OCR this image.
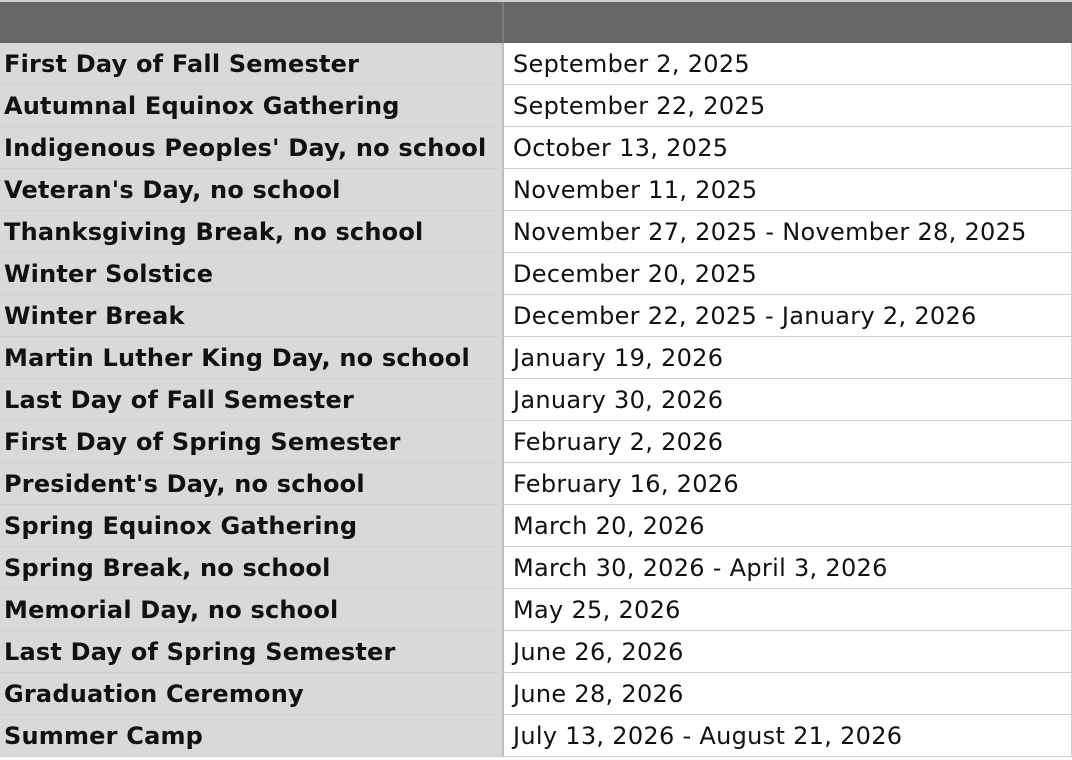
First Day of Fall Semester	September 2, 2025
Autumnal Equinox Gathering	September 22, 2025
Indigenous Peoples' Day, no school	October 13, 2025
Veteran's Day, no school	November 11, 2025
Thanksgiving Break, no school	November 27, 2025 - November 28, 2025
Winter Solstice	December 20, 2025
Winter Break	December 22, 2025 - January 2, 2026
Martin Luther King Day, no school	January 19, 2026
Last Day of Fall Semester	January 30, 2026
First Day of Spring Semester	February 2, 2026
President's Day, no school	February 16, 2026
Spring Equinox Gathering	March 20, 2026
Spring Break, no school	March 30, 2026 - April 3, 2026
Memorial Day, no school	May 25, 2026
Last Day of Spring Semester	June 26, 2026
Graduation Ceremony	June 28, 2026
Summer Camp	July 13, 2026 - August 21, 2026
